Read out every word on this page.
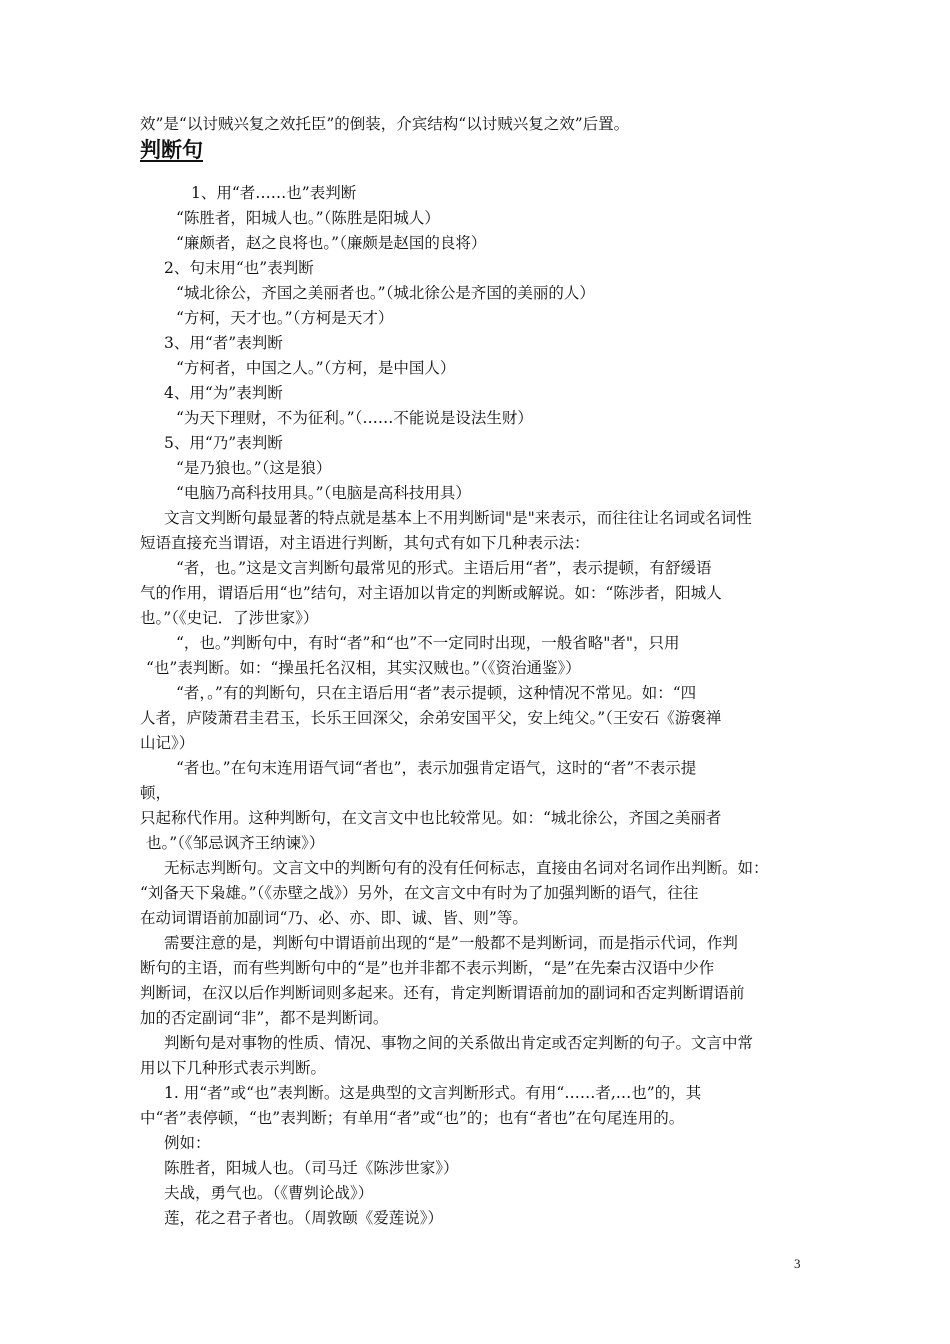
效”是“以讨贼兴复之效托臣”的倒装，介宾结构“以讨贼兴复之效”后置。
判断句
1、用“者……也”表判断
“陈胜者，阳城人也。”（陈胜是阳城人）
“廉颇者，赵之良将也。”（廉颇是赵国的良将）
2、句末用“也”表判断
“城北徐公，齐国之美丽者也。”（城北徐公是齐国的美丽的人）
“方柯，天才也。”（方柯是天才）
3、用“者”表判断
“方柯者，中国之人。”（方柯，是中国人）
4、用“为”表判断
“为天下理财，不为征利。”（……不能说是设法生财）
5、用“乃”表判断
“是乃狼也。”（这是狼）
“电脑乃高科技用具。”（电脑是高科技用具）
文言文判断句最显著的特点就是基本上不用判断词"是"来表示，而往往让名词或名词性
短语直接充当谓语，对主语进行判断，其句式有如下几种表示法：
“者，也。”这是文言判断句最常见的形式。主语后用“者”，表示提顿，有舒缓语
气的作用，谓语后用“也”结句，对主语加以肯定的判断或解说。如：“陈涉者，阳城人
也。”（《史记．了涉世家》）
“，也。”判断句中，有时“者”和“也”不一定同时出现，一般省略"者"，只用
“也”表判断。如：“操虽托名汉相，其实汉贼也。”（《资治通鉴》）
“者，。”有的判断句，只在主语后用“者”表示提顿，这种情况不常见。如：“四
人者，庐陵萧君圭君玉，长乐王回深父，余弟安国平父，安上纯父。”（王安石《游褒禅
山记》）
“者也。”在句末连用语气词“者也”，表示加强肯定语气，这时的“者”不表示提
顿，
只起称代作用。这种判断句，在文言文中也比较常见。如：“城北徐公，齐国之美丽者
也。”（《邹忌讽齐王纳谏》）
无标志判断句。文言文中的判断句有的没有任何标志，直接由名词对名词作出判断。如：
“刘备天下枭雄。”（《赤壁之战》）另外，在文言文中有时为了加强判断的语气，往往
在动词谓语前加副词“乃、必、亦、即、诚、皆、则”等。
需要注意的是，判断句中谓语前出现的“是”一般都不是判断词，而是指示代词，作判
断句的主语，而有些判断句中的“是”也并非都不表示判断，“是”在先秦古汉语中少作
判断词，在汉以后作判断词则多起来。还有，肯定判断谓语前加的副词和否定判断谓语前
加的否定副词“非”，都不是判断词。
判断句是对事物的性质、情况、事物之间的关系做出肯定或否定判断的句子。文言中常
用以下几种形式表示判断。
1. 用“者”或“也”表判断。这是典型的文言判断形式。有用“……者,…也”的，其
中“者”表停顿，“也”表判断；有单用“者”或“也”的；也有“者也”在句尾连用的。
例如：
陈胜者，阳城人也。（司马迁《陈涉世家》）
夫战，勇气也。（《曹刿论战》）
莲，花之君子者也。（周敦颐《爱莲说》）
3
